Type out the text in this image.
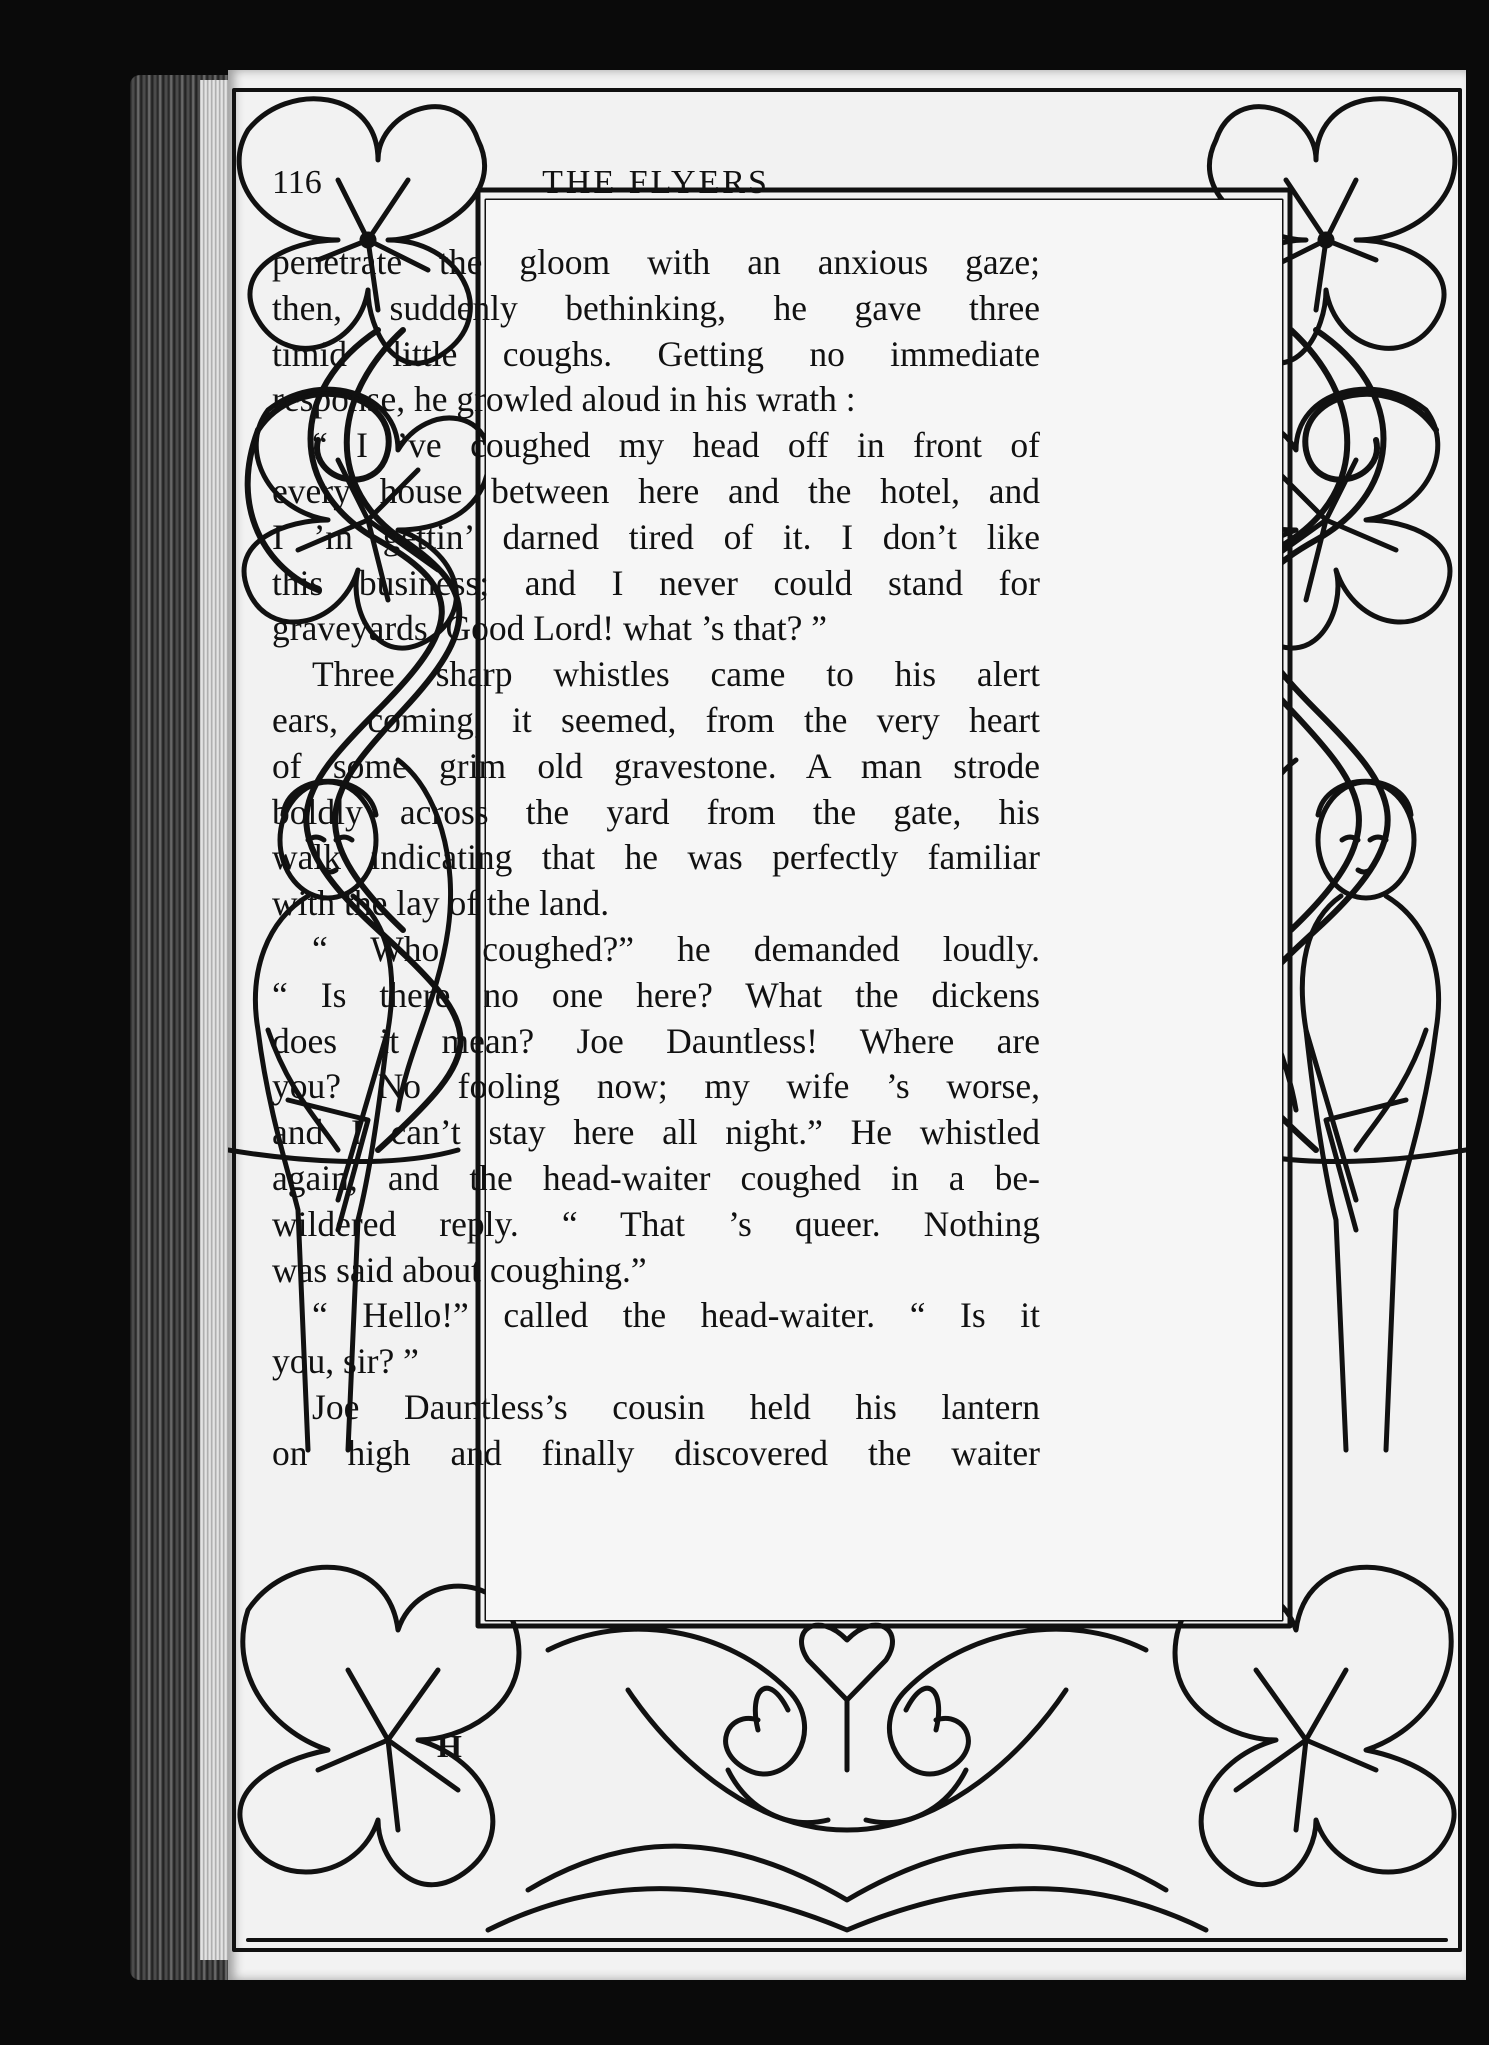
116	THE FLYERS
penetrate the gloom with an anxious gaze;
then, suddenly bethinking, he gave three
timid little coughs. Getting no immediate
response, he growled aloud in his wrath :
“ I ’ve coughed my head off in front of
every house between here and the hotel, and
I ’m gettin’ darned tired of it. I don’t like
this business; and I never could stand for
graveyards. Good Lord! what ’s that? ”
Three sharp whistles came to his alert
ears, coming, it seemed, from the very heart
of some grim old gravestone. A man strode
boldly across the yard from the gate, his
walk indicating that he was perfectly familiar
with the lay of the land.
“ Who coughed?” he demanded loudly.
“ Is there no one here? What the dickens
does it mean? Joe Dauntless! Where are
you? No fooling now; my wife ’s worse,
and I can’t stay here all night.” He whistled
again, and the head-waiter coughed in a be-
wildered reply. “ That ’s queer. Nothing
was said about coughing.”
“ Hello!” called the head-waiter. “ Is it
you, sir? ”
Joe Dauntless’s cousin held his lantern
on high and finally discovered the waiter
H
